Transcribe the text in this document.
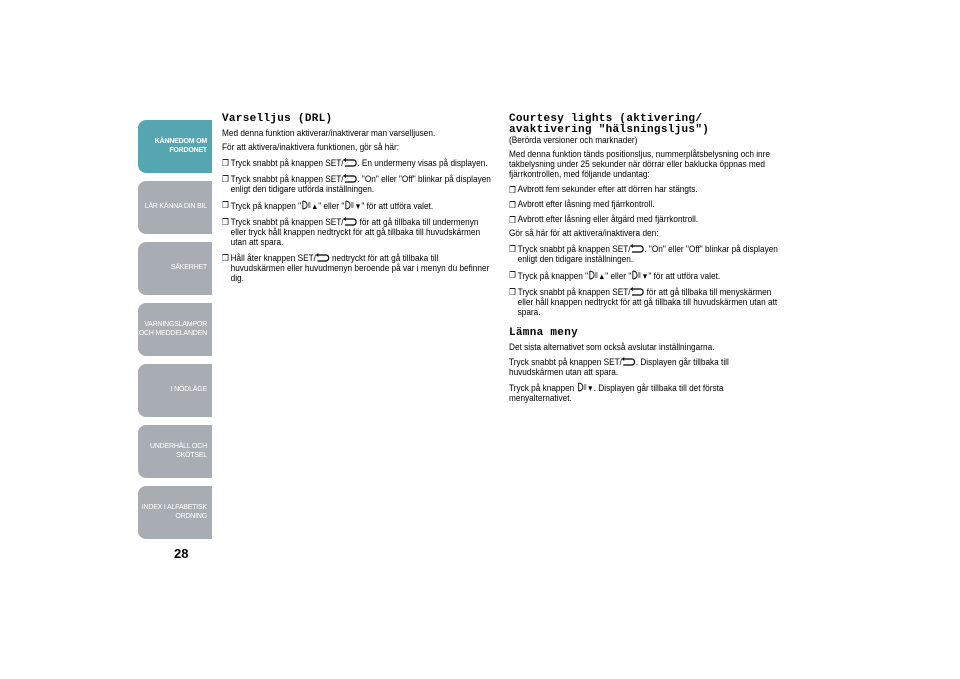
KÄNNEDOM OM FORDONET
LÄR KÄNNA DIN BIL
SÄKERHET
VARNINGSLAMPOR OCH MEDDELANDEN
I NÖDLÄGE
UNDERHÅLL OCH SKÖTSEL
INDEX I ALFABETISK ORDNING
28
Varselljus (DRL)

Med denna funktion aktiverar/inaktiverar man varselljusen.

För att aktivera/inaktivera funktionen, gör så här:

❐ Tryck snabbt på knappen SET/ . En undermeny visas på displayen.
❐ Tryck snabbt på knappen SET/ . "On" eller "Off" blinkar på displayen enligt den tidigare utförda inställningen.
❐ Tryck på knappen " ▲" eller " ▼" för att utföra valet.
❐ Tryck snabbt på knappen SET/ för att gå tillbaka till undermenyn eller tryck håll knappen nedtryckt för att gå tillbaka till huvudskärmen utan att spara.
❐ Håll åter knappen SET/ nedtryckt för att gå tillbaka till huvudskärmen eller huvudmenyn beroende på var i menyn du befinner dig.
Courtesy lights (aktivering/
avaktivering "hälsningsljus")

(Berörda versioner och marknader)

Med denna funktion tänds positionsljus, nummerplåtsbelysning och inre takbelysning under 25 sekunder när dörrar eller baklucka öppnas med fjärrkontrollen, med följande undantag:

❐ Avbrott fem sekunder efter att dörren har stängts.
❐ Avbrott efter låsning med fjärrkontroll.
❐ Avbrott efter låsning eller åtgärd med fjärrkontroll.

Gör så här för att aktivera/inaktivera den:

❐ Tryck snabbt på knappen SET/ . "On" eller "Off" blinkar på displayen enligt den tidigare inställningen.
❐ Tryck på knappen " ▲" eller " ▼" för att utföra valet.
❐ Tryck snabbt på knappen SET/ för att gå tillbaka till menyskärmen eller håll knappen nedtryckt för att gå tillbaka till huvudskärmen utan att spara.
Lämna meny

Det sista alternativet som också avslutar inställningarna.

Tryck snabbt på knappen SET/ . Displayen går tillbaka till huvudskärmen utan att spara.

Tryck på knappen ▼. Displayen går tillbaka till det första menyalternativet.
